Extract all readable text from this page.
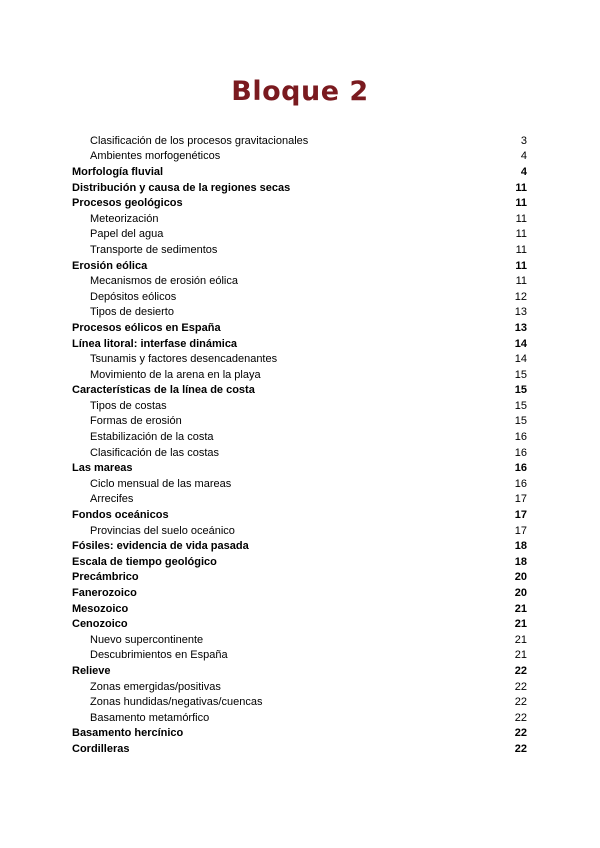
Bloque 2
Clasificación de los procesos gravitacionales	3
Ambientes morfogenéticos	4
Morfología fluvial	4
Distribución y causa de la regiones secas	11
Procesos geológicos	11
Meteorización	11
Papel del agua	11
Transporte de sedimentos	11
Erosión eólica	11
Mecanismos de erosión eólica	11
Depósitos eólicos	12
Tipos de desierto	13
Procesos eólicos en España	13
Línea litoral: interfase dinámica	14
Tsunamis y factores desencadenantes	14
Movimiento de la arena en la playa	15
Características de la línea de costa	15
Tipos de costas	15
Formas de erosión	15
Estabilización de la costa	16
Clasificación de las costas	16
Las mareas	16
Ciclo mensual de las mareas	16
Arrecifes	17
Fondos oceánicos	17
Provincias del suelo oceánico	17
Fósiles: evidencia de vida pasada	18
Escala de tiempo geológico	18
Precámbrico	20
Fanerozoico	20
Mesozoico	21
Cenozoico	21
Nuevo supercontinente	21
Descubrimientos en España	21
Relieve	22
Zonas emergidas/positivas	22
Zonas hundidas/negativas/cuencas	22
Basamento metamórfico	22
Basamento hercínico	22
Cordilleras	22
